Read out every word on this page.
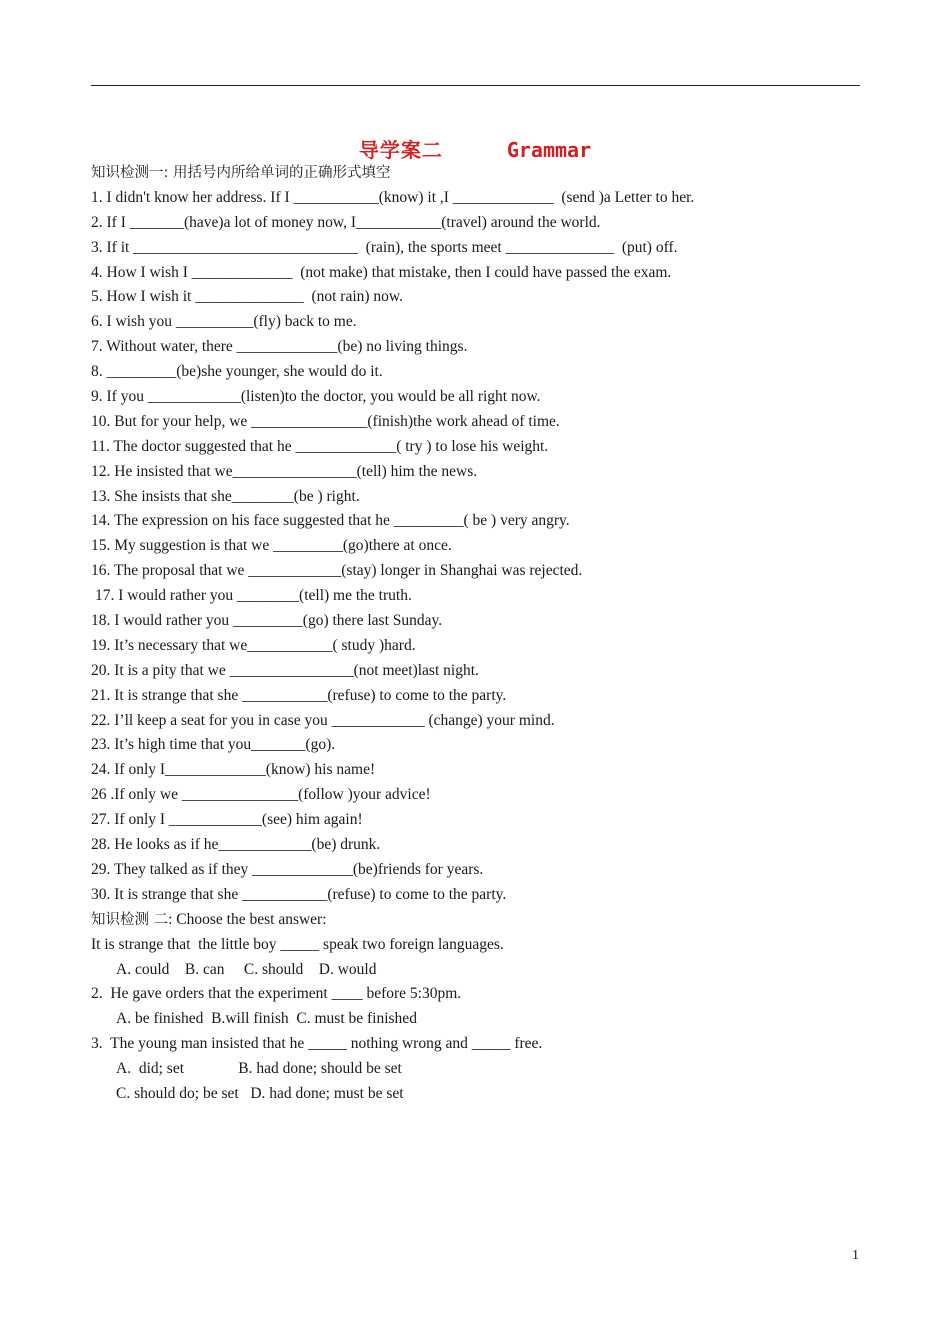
导学案二	Grammar
知识检测一: 用括号内所给单词的正确形式填空
1. I didn't know her address. If I ___________(know) it ,I _____________  (send )a Letter to her.
2. If I _______(have)a lot of money now, I___________(travel) around the world.
3. If it _____________________________  (rain), the sports meet ______________  (put) off.
4. How I wish I _____________  (not make) that mistake, then I could have passed the exam.
5. How I wish it ______________  (not rain) now.
6. I wish you __________(fly) back to me.
7. Without water, there _____________(be) no living things.
8. _________(be)she younger, she would do it.
9. If you ____________(listen)to the doctor, you would be all right now.
10. But for your help, we _______________(finish)the work ahead of time.
11. The doctor suggested that he _____________( try ) to lose his weight.
12. He insisted that we________________(tell) him the news.
13. She insists that she________(be ) right.
14. The expression on his face suggested that he _________( be ) very angry.
15. My suggestion is that we _________(go)there at once.
16. The proposal that we ____________(stay) longer in Shanghai was rejected.
17. I would rather you ________(tell) me the truth.
18. I would rather you _________(go) there last Sunday.
19. It’s necessary that we___________( study )hard.
20. It is a pity that we ________________(not meet)last night.
21. It is strange that she ___________(refuse) to come to the party.
22. I’ll keep a seat for you in case you ____________ (change) your mind.
23. It’s high time that you_______(go).
24. If only I_____________(know) his name!
26 .If only we _______________(follow )your advice!
27. If only I ____________(see) him again!
28. He looks as if he____________(be) drunk.
29. They talked as if they _____________(be)friends for years.
30. It is strange that she ___________(refuse) to come to the party.
知识检测 二: Choose the best answer:
It is strange that  the little boy _____ speak two foreign languages.
A. could    B. can     C. should    D. would
2.  He gave orders that the experiment ____ before 5:30pm.
A. be finished  B.will finish  C. must be finished
3.  The young man insisted that he _____ nothing wrong and _____ free.
A.  did; set              B. had done; should be set
C. should do; be set   D. had done; must be set
1
